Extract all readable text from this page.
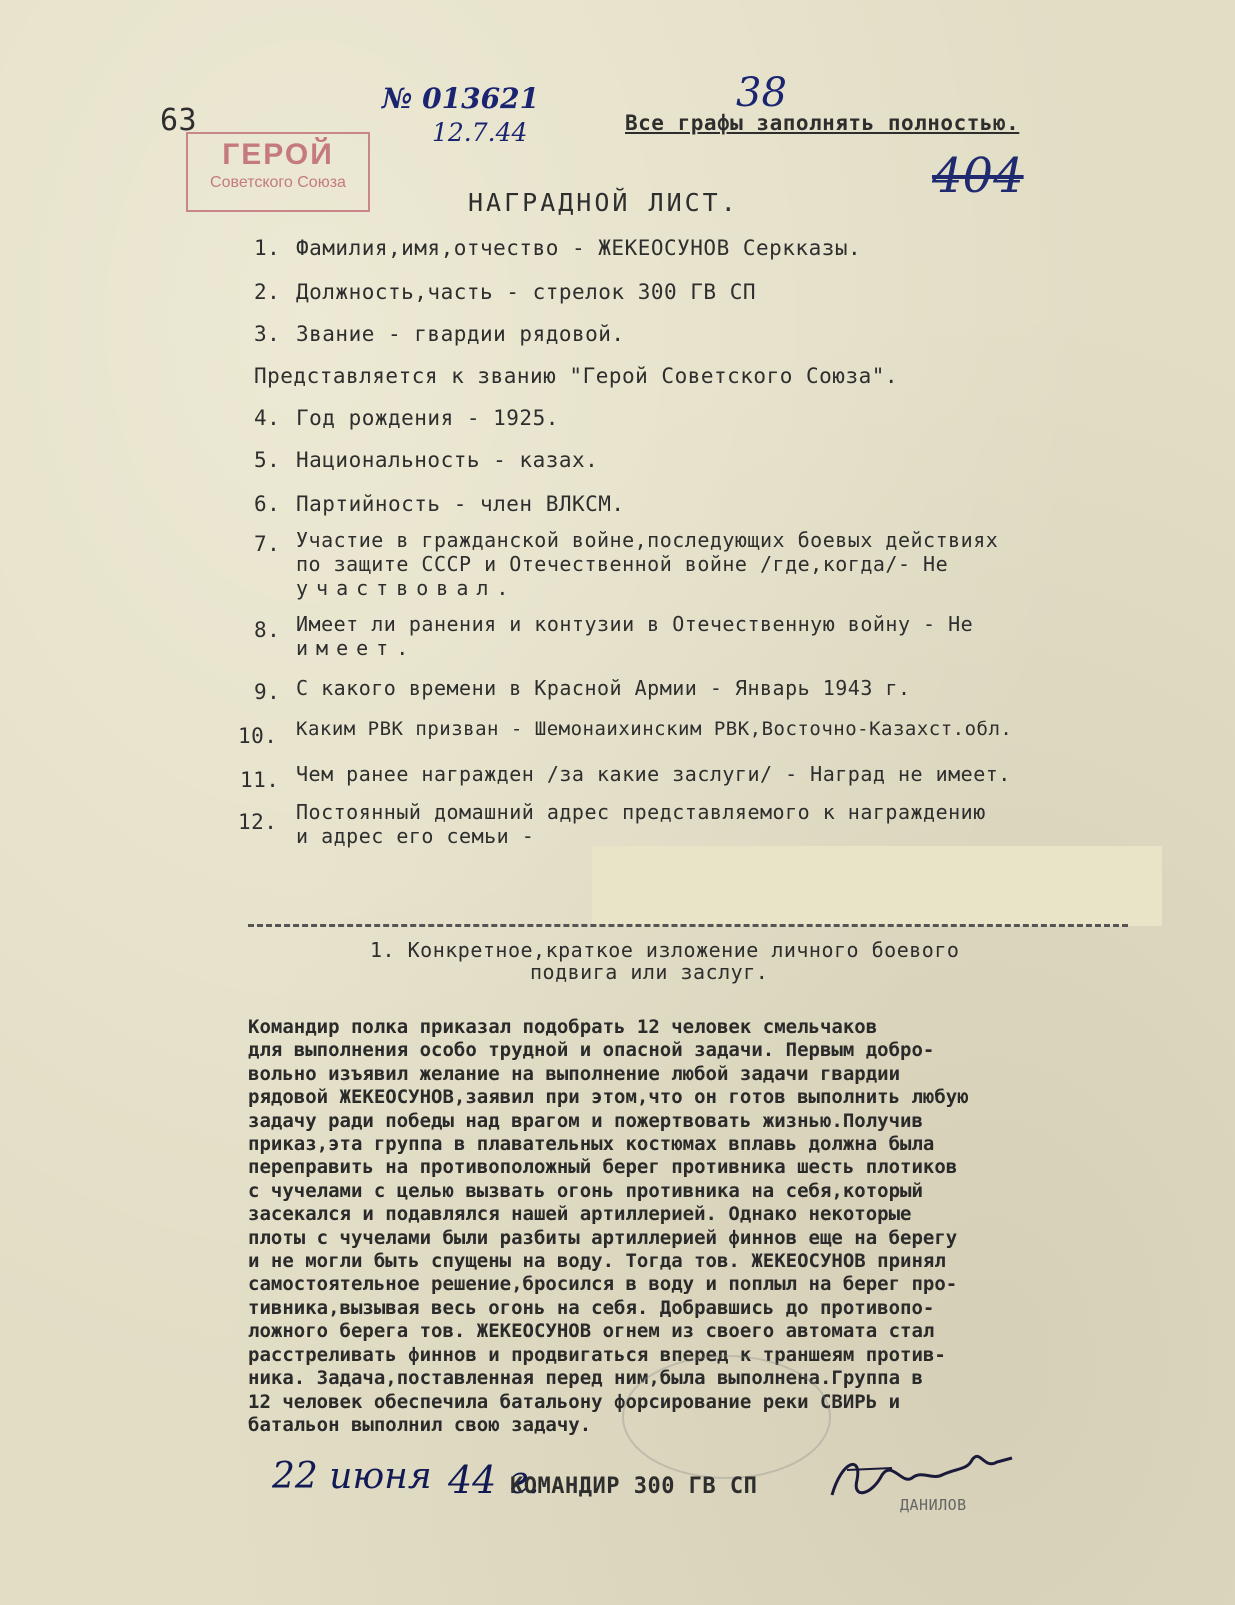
63
№ 013621
12.7.44
38
Все графы заполнять полностью.
404
ГЕРОЙ
Советского Союза
НАГРАДНОЙ ЛИСТ.
1. Фамилия,имя,отчество - ЖЕКЕОСУНОВ Серкказы.
2. Должность,часть - стрелок 300 ГВ СП
3. Звание - гвардии рядовой.
Представляется к званию "Герой Советского Союза".
4. Год рождения - 1925.
5. Национальность - казах.
6. Партийность - член ВЛКСМ.
7. Участие в гражданской войне,последующих боевых действиях
по защите СССР и Отечественной войне /где,когда/- Не
участвовал.
8. Имеет ли ранения и контузии в Отечественную войну - Не
имеет.
9. С какого времени в Красной Армии - Январь 1943 г.
10. Каким РВК призван - Шемонаихинским РВК,Восточно-Казахст.обл.
11. Чем ранее награжден /за какие заслуги/ - Наград не имеет.
12. Постоянный домашний адрес представляемого к награждению
и адрес его семьи -
1. Конкретное,краткое изложение личного боевого
подвига или заслуг.
Командир полка приказал подобрать 12 человек смельчаков
для выполнения особо трудной и опасной задачи. Первым добро-
вольно изъявил желание на выполнение любой задачи гвардии
рядовой ЖЕКЕОСУНОВ,заявил при этом,что он готов выполнить любую
задачу ради победы над врагом и пожертвовать жизнью.Получив
приказ,эта группа в плавательных костюмах вплавь должна была
переправить на противоположный берег противника шесть плотиков
с чучелами с целью вызвать огонь противника на себя,который
засекался и подавлялся нашей артиллерией. Однако некоторые
плоты с чучелами были разбиты артиллерией финнов еще на берегу
и не могли быть спущены на воду. Тогда тов. ЖЕКЕОСУНОВ принял
самостоятельное решение,бросился в воду и поплыл на берег про-
тивника,вызывая весь огонь на себя. Добравшись до противопо-
ложного берега тов. ЖЕКЕОСУНОВ огнем из своего автомата стал
расстреливать финнов и продвигаться вперед к траншеям против-
ника. Задача,поставленная перед ним,была выполнена.Группа в
12 человек обеспечила батальону форсирование реки СВИРЬ и
батальон выполнил свою задачу.
22 июня 44 г.
КОМАНДИР 300 ГВ СП
ДАНИЛОВ
